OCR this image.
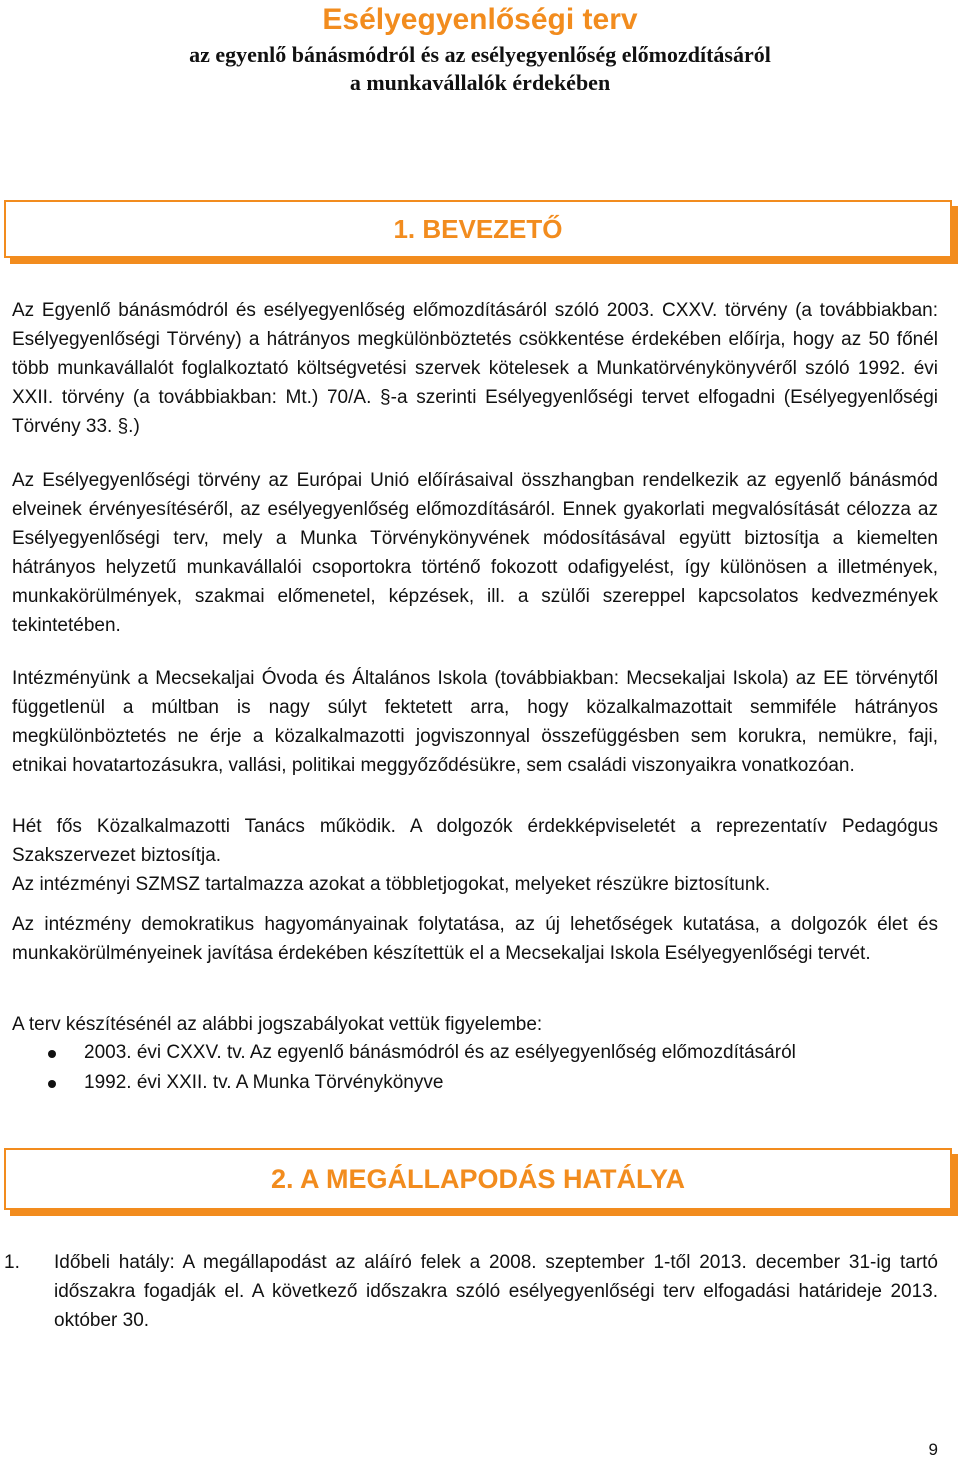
Esélyegyenlőségi terv
az egyenlő bánásmódról és az esélyegyenlőség előmozdításáról
a munkavállalók érdekében
1. BEVEZETŐ

Az Egyenlő bánásmódról és esélyegyenlőség előmozdításáról szóló 2003. CXXV. törvény (a továbbiakban: Esélyegyenlőségi Törvény) a hátrányos megkülönböztetés csökkentése érdekében előírja, hogy az 50 főnél több munkavállalót foglalkoztató költségvetési szervek kötelesek a Munkatörvénykönyvéről szóló 1992. évi XXII. törvény (a továbbiakban: Mt.) 70/A. §-a szerinti Esélyegyenlőségi tervet elfogadni (Esélyegyenlőségi Törvény 33. §.)

Az Esélyegyenlőségi törvény az Európai Unió előírásaival összhangban rendelkezik az egyenlő bánásmód elveinek érvényesítéséről, az esélyegyenlőség előmozdításáról. Ennek gyakorlati megvalósítását célozza az Esélyegyenlőségi terv, mely a Munka Törvénykönyvének módosításával együtt biztosítja a kiemelten hátrányos helyzetű munkavállalói csoportokra történő fokozott odafigyelést, így különösen a illetmények, munkakörülmények, szakmai előmenetel, képzések, ill. a szülői szereppel kapcsolatos kedvezmények tekintetében.

Intézményünk a Mecsekaljai Óvoda és Általános Iskola (továbbiakban: Mecsekaljai Iskola) az EE törvénytől függetlenül a múltban is nagy súlyt fektetett arra, hogy közalkalmazottait semmiféle hátrányos megkülönböztetés ne érje a közalkalmazotti jogviszonnyal összefüggésben sem korukra, nemükre, faji, etnikai hovatartozásukra, vallási, politikai meggyőződésükre, sem családi viszonyaikra vonatkozóan.

Hét fős Közalkalmazotti Tanács működik. A dolgozók érdekképviseletét a reprezentatív Pedagógus Szakszervezet biztosítja.

Az intézményi SZMSZ tartalmazza azokat a többletjogokat, melyeket részükre biztosítunk.

Az intézmény demokratikus hagyományainak folytatása, az új lehetőségek kutatása, a dolgozók élet és munkakörülményeinek javítása érdekében készítettük el a Mecsekaljai Iskola Esélyegyenlőségi tervét.

A terv készítésénél az alábbi jogszabályokat vettük figyelembe:

2003. évi CXXV. tv. Az egyenlő bánásmódról és az esélyegyenlőség előmozdításáról
1992. évi XXII. tv. A Munka Törvénykönyve
2. A MEGÁLLAPODÁS HATÁLYA
1. Időbeli hatály: A megállapodást az aláíró felek a 2008. szeptember 1-től 2013. december 31-ig tartó időszakra fogadják el. A következő időszakra szóló esélyegyenlőségi terv elfogadási határideje 2013. október 30.
9
